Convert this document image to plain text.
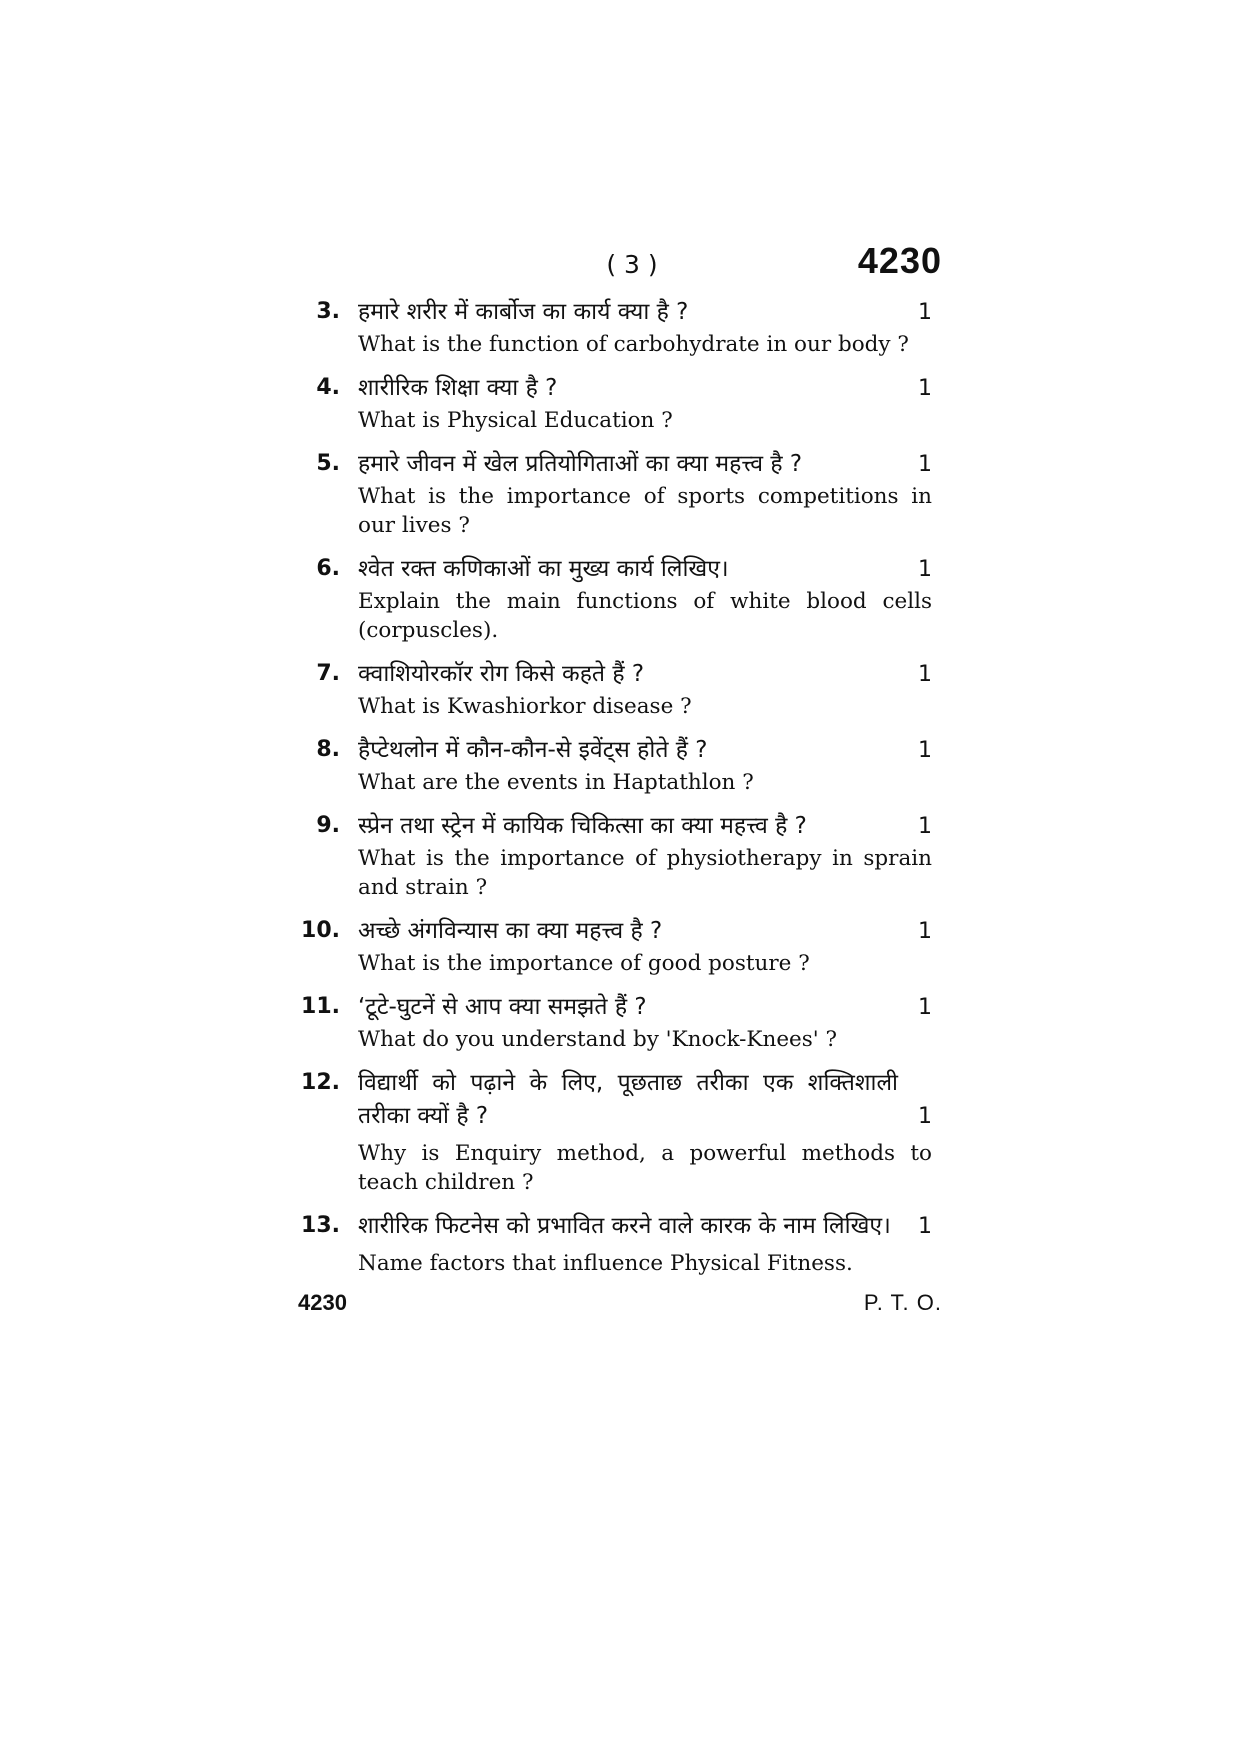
( 3 )	4230
3. हमारे शरीर में कार्बोज का कार्य क्या है ?	1
What is the function of carbohydrate in our body ?
4. शारीरिक शिक्षा क्या है ?	1
What is Physical Education ?
5. हमारे जीवन में खेल प्रतियोगिताओं का क्या महत्त्व है ?	1
What is the importance of sports competitions in our lives ?
6. श्वेत रक्त कणिकाओं का मुख्य कार्य लिखिए।	1
Explain the main functions of white blood cells (corpuscles).
7. क्वाशियोरकॉर रोग किसे कहते हैं ?	1
What is Kwashiorkor disease ?
8. हैप्टेथलोन में कौन-कौन-से इवेंट्स होते हैं ?	1
What are the events in Haptathlon ?
9. स्प्रेन तथा स्ट्रेन में कायिक चिकित्सा का क्या महत्त्व है ?	1
What is the importance of physiotherapy in sprain and strain ?
10. अच्छे अंगविन्यास का क्या महत्त्व है ?	1
What is the importance of good posture ?
11. ‘टूटे-घुटनें से आप क्या समझते हैं ?	1
What do you understand by 'Knock-Knees' ?
12. विद्यार्थी को पढ़ाने के लिए, पूछताछ तरीका एक शक्तिशाली तरीका क्यों है ?	1
Why is Enquiry method, a powerful methods to teach children ?
13. शारीरिक फिटनेस को प्रभावित करने वाले कारक के नाम लिखिए।	1
Name factors that influence Physical Fitness.
4230	P. T. O.
